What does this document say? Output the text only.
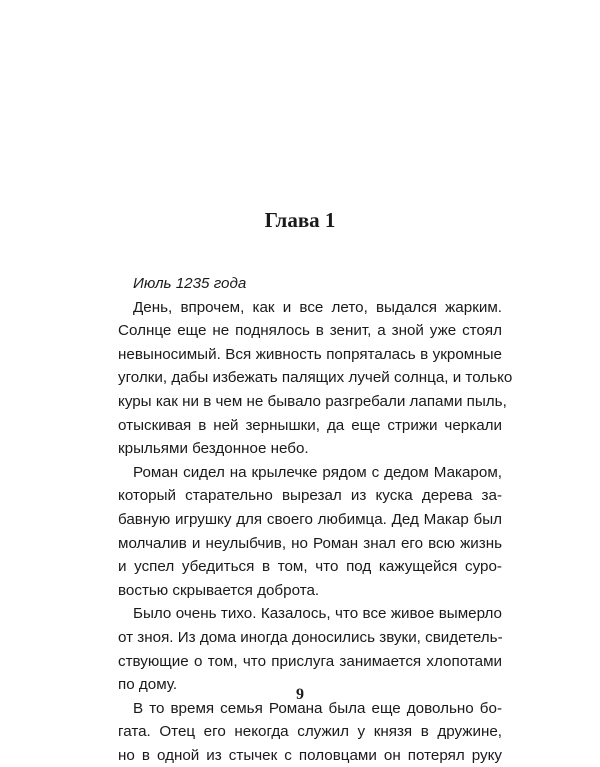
Глава 1
Июль 1235 года
День, впрочем, как и все лето, выдался жарким.
Солнце еще не поднялось в зенит, а зной уже стоял
невыносимый. Вся живность попряталась в укромные
уголки, дабы избежать палящих лучей солнца, и только
куры как ни в чем не бывало разгребали лапами пыль,
отыскивая в ней зернышки, да еще стрижи черкали
крыльями бездонное небо.
Роман сидел на крылечке рядом с дедом Макаром,
который старательно вырезал из куска дерева за-
бавную игрушку для своего любимца. Дед Макар был
молчалив и неулыбчив, но Роман знал его всю жизнь
и успел убедиться в том, что под кажущейся суро-
востью скрывается доброта.
Было очень тихо. Казалось, что все живое вымерло
от зноя. Из дома иногда доносились звуки, свидетель-
ствующие о том, что прислуга занимается хлопотами
по дому.
В то время семья Романа была еще довольно бо-
гата. Отец его некогда служил у князя в дружине,
но в одной из стычек с половцами он потерял руку
9
